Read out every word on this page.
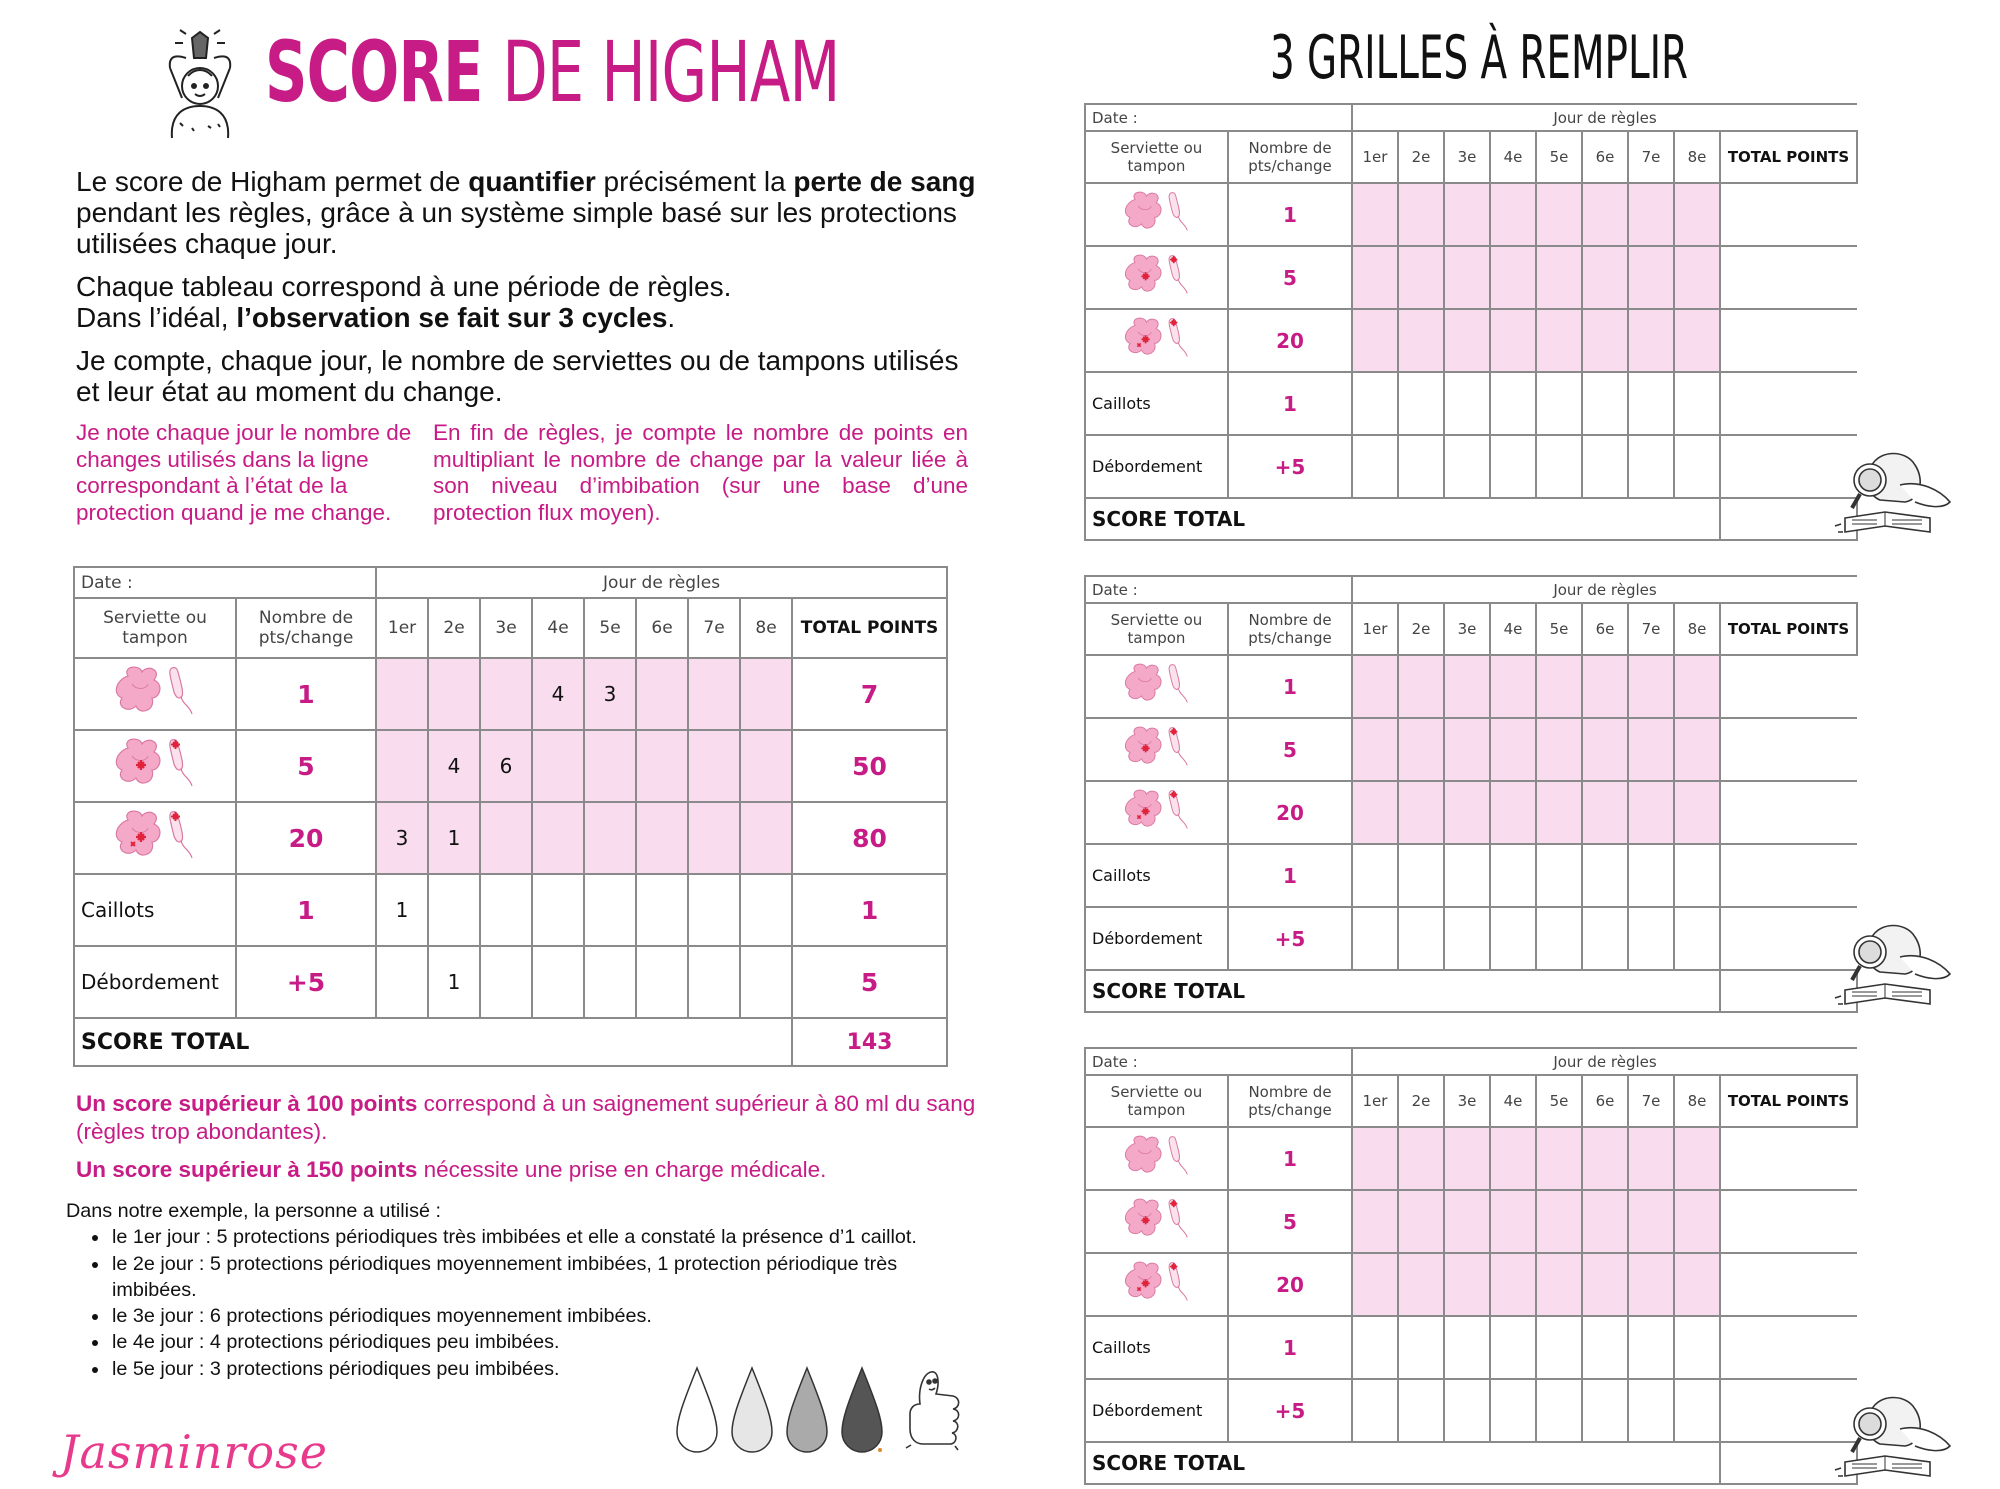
SCORE DE HIGHAM	3 GRILLES À REMPLIR

Le score de Higham permet de quantifier précisément la perte de sang pendant les règles, grâce à un système simple basé sur les protections utilisées chaque jour.

Chaque tableau correspond à une période de règles.
Dans l’idéal, l’observation se fait sur 3 cycles.

Je compte, chaque jour, le nombre de serviettes ou de tampons utilisés et leur état au moment du change.

Je note chaque jour le nombre de changes utilisés dans la ligne correspondant à l’état de la protection quand je me change.
En fin de règles, je compte le nombre de points en multipliant le nombre de change par la valeur liée à son niveau d’imbibation (sur une base d’une protection flux moyen).
Date :		Jour de règles								
Serviette ou tampon	Nombre de pts/change	1er	2e	3e	4e	5e	6e	7e	8e	TOTAL POINTS
	1				4	3				7
	5		4	6						50
	20	3	1							80
Caillots	1	1								1
Débordement	+5		1							5
SCORE TOTAL										143

Un score supérieur à 100 points correspond à un saignement supérieur à 80 ml du sang (règles trop abondantes).

Un score supérieur à 150 points nécessite une prise en charge médicale.

Dans notre exemple, la personne a utilisé :
• le 1er jour : 5 protections périodiques très imbibées et elle a constaté la présence d’1 caillot.
• le 2e jour : 5 protections périodiques moyennement imbibées, 1 protection périodique très imbibées.
• le 3e jour : 6 protections périodiques moyennement imbibées.
• le 4e jour : 4 protections périodiques peu imbibées.
• le 5e jour : 3 protections périodiques peu imbibées.
Jasminrose
Date :		Jour de règles								
Serviette ou tampon	Nombre de pts/change	1er	2e	3e	4e	5e	6e	7e	8e	TOTAL POINTS
	1									
	5									
	20									
Caillots	1									
Débordement	+5									
SCORE TOTAL										
Date :		Jour de règles								
Serviette ou tampon	Nombre de pts/change	1er	2e	3e	4e	5e	6e	7e	8e	TOTAL POINTS
	1									
	5									
	20									
Caillots	1									
Débordement	+5									
SCORE TOTAL										
Date :		Jour de règles								
Serviette ou tampon	Nombre de pts/change	1er	2e	3e	4e	5e	6e	7e	8e	TOTAL POINTS
	1									
	5									
	20									
Caillots	1									
Débordement	+5									
SCORE TOTAL										
